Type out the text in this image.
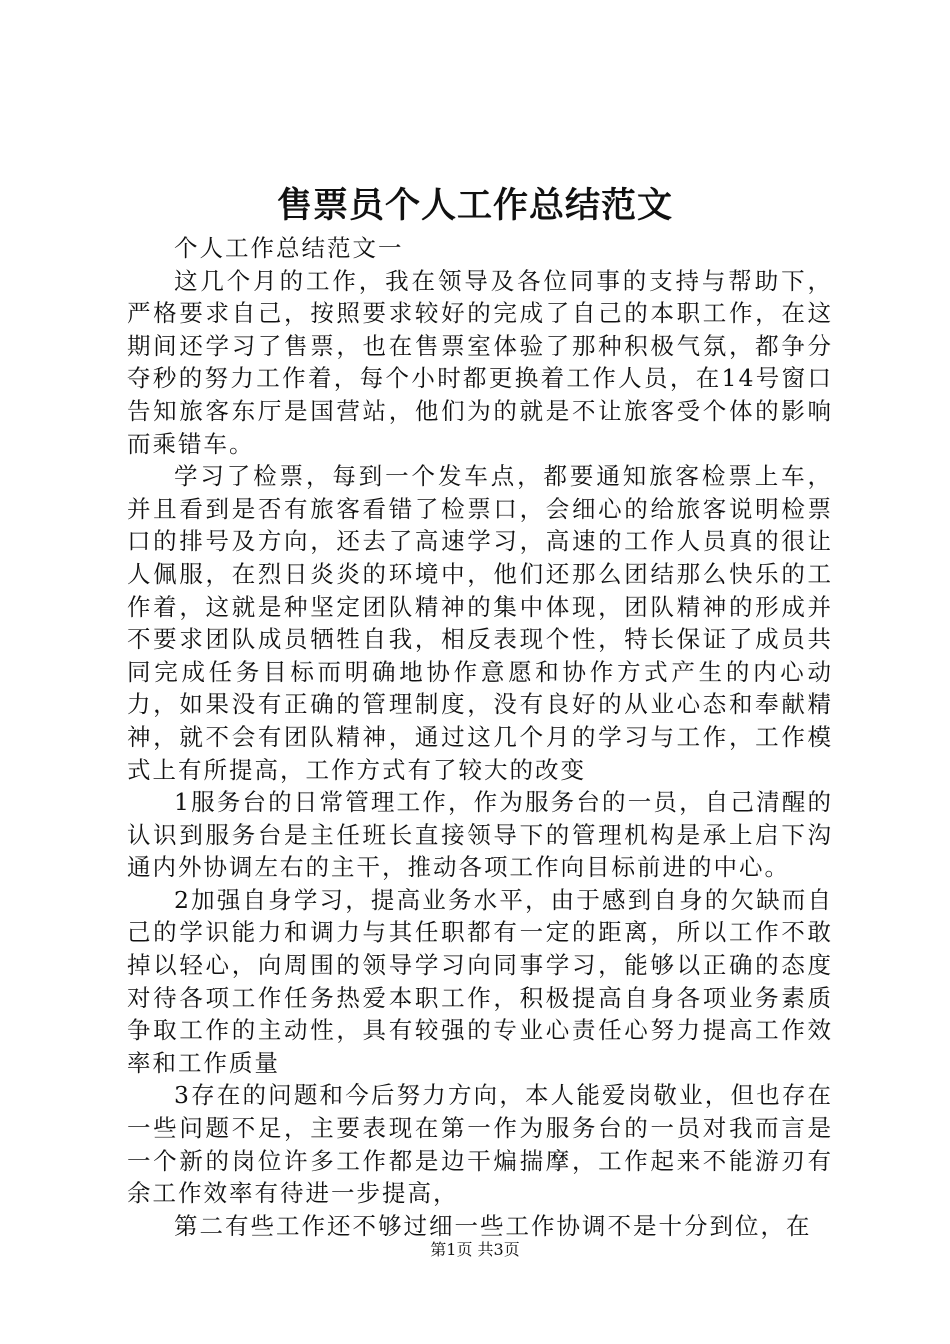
售票员个人工作总结范文

个人工作总结范文一

这几个月的工作，我在领导及各位同事的支持与帮助下，严格要求自己，按照要求较好的完成了自己的本职工作，在这期间还学习了售票，也在售票室体验了那种积极气氛，都争分夺秒的努力工作着，每个小时都更换着工作人员，在14号窗口告知旅客东厅是国营站，他们为的就是不让旅客受个体的影响而乘错车。

学习了检票，每到一个发车点，都要通知旅客检票上车，并且看到是否有旅客看错了检票口，会细心的给旅客说明检票口的排号及方向，还去了高速学习，高速的工作人员真的很让人佩服，在烈日炎炎的环境中，他们还那么团结那么快乐的工作着，这就是种坚定团队精神的集中体现，团队精神的形成并不要求团队成员牺牲自我，相反表现个性，特长保证了成员共同完成任务目标而明确地协作意愿和协作方式产生的内心动力，如果没有正确的管理制度，没有良好的从业心态和奉献精神，就不会有团队精神，通过这几个月的学习与工作，工作模式上有所提高，工作方式有了较大的改变

1服务台的日常管理工作，作为服务台的一员，自己清醒的认识到服务台是主任班长直接领导下的管理机构是承上启下沟通内外协调左右的主干，推动各项工作向目标前进的中心。

2加强自身学习，提高业务水平，由于感到自身的欠缺而自己的学识能力和调力与其任职都有一定的距离，所以工作不敢掉以轻心，向周围的领导学习向同事学习，能够以正确的态度对待各项工作任务热爱本职工作，积极提高自身各项业务素质争取工作的主动性，具有较强的专业心责任心努力提高工作效率和工作质量

3存在的问题和今后努力方向，本人能爱岗敬业，但也存在一些问题不足，主要表现在第一作为服务台的一员对我而言是一个新的岗位许多工作都是边干煸揣摩，工作起来不能游刃有余工作效率有待进一步提高，

第二有些工作还不够过细一些工作协调不是十分到位，在

第1页 共3页
